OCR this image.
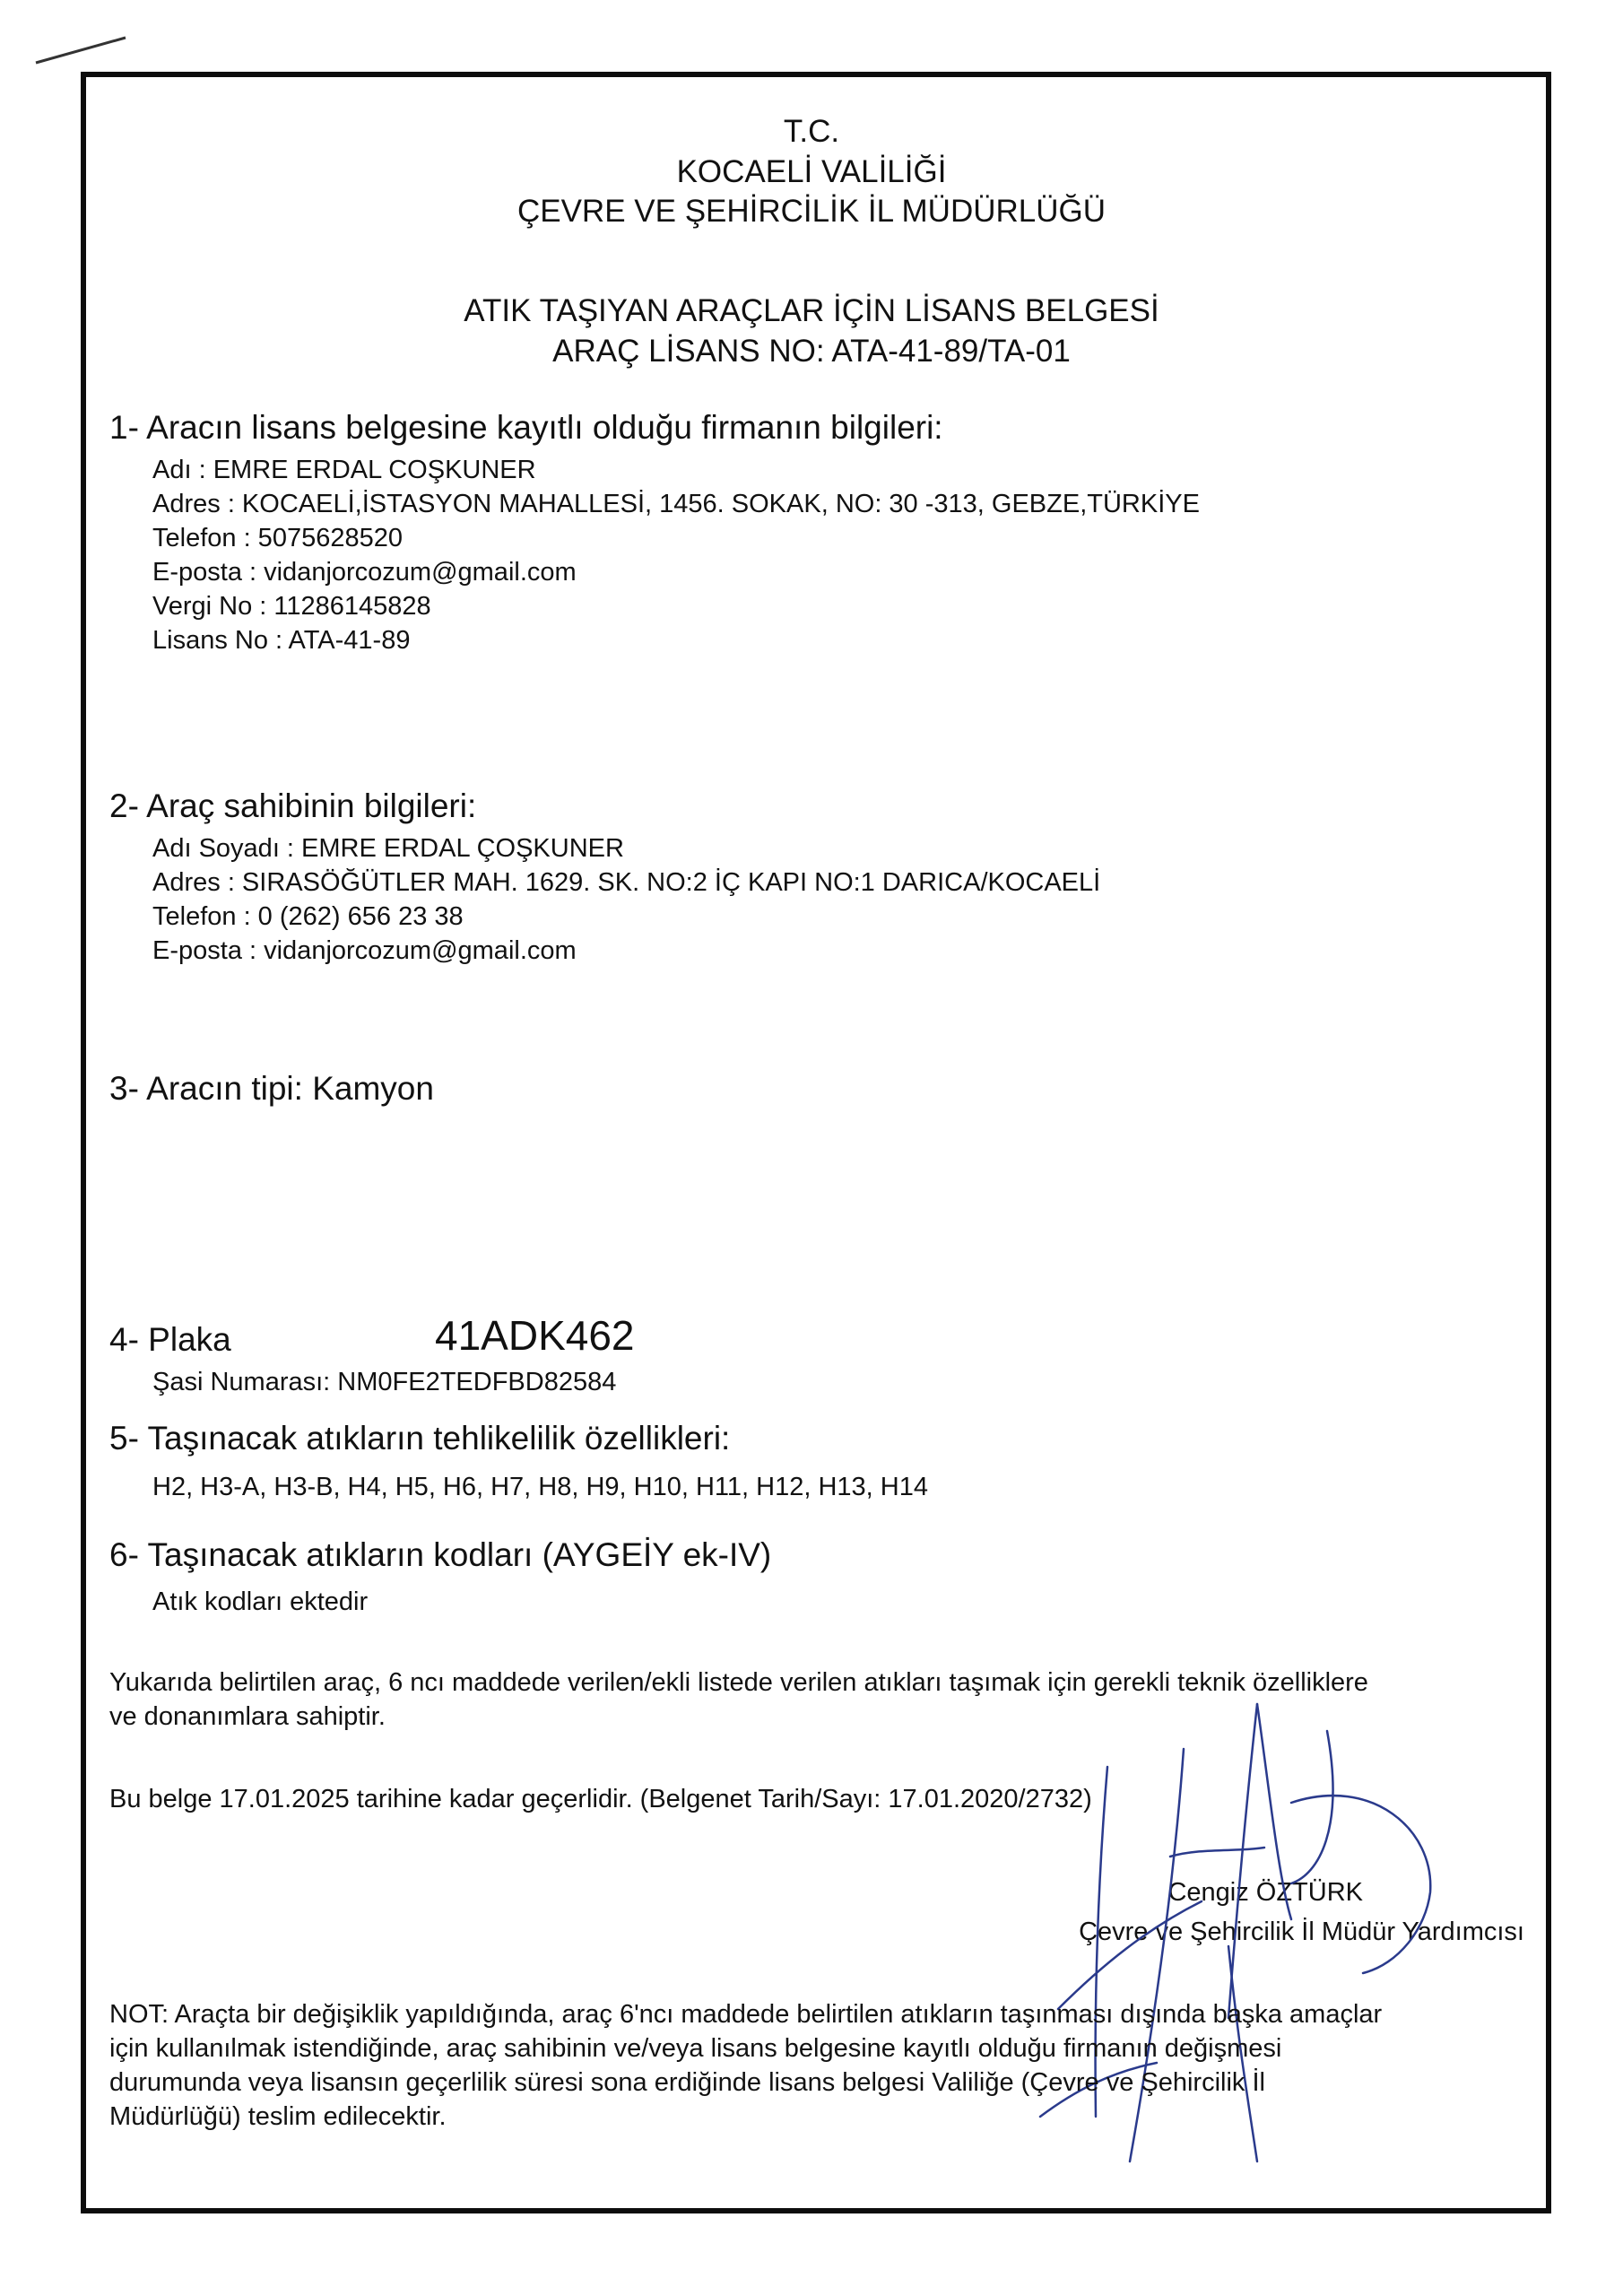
T.C.
KOCAELİ VALİLİĞİ
ÇEVRE VE ŞEHİRCİLİK İL MÜDÜRLÜĞÜ
ATIK TAŞIYAN ARAÇLAR İÇİN LİSANS BELGESİ
ARAÇ LİSANS NO: ATA-41-89/TA-01
1- Aracın lisans belgesine kayıtlı olduğu firmanın bilgileri:
Adı : EMRE ERDAL COŞKUNER
Adres : KOCAELİ,İSTASYON MAHALLESİ, 1456. SOKAK, NO: 30 -313, GEBZE,TÜRKİYE
Telefon : 5075628520
E-posta : vidanjorcozum@gmail.com
Vergi No : 11286145828
Lisans No : ATA-41-89
2- Araç sahibinin bilgileri:
Adı Soyadı : EMRE ERDAL ÇOŞKUNER
Adres : SIRASÖĞÜTLER MAH. 1629. SK. NO:2 İÇ KAPI NO:1 DARICA/KOCAELİ
Telefon : 0 (262) 656 23 38
E-posta : vidanjorcozum@gmail.com
3- Aracın tipi: Kamyon
4- Plaka	41ADK462
Şasi Numarası: NM0FE2TEDFBD82584
5- Taşınacak atıkların tehlikelilik özellikleri:
H2, H3-A, H3-B, H4, H5, H6, H7, H8, H9, H10, H11, H12, H13, H14
6- Taşınacak atıkların kodları (AYGEİY ek-IV)
Atık kodları ektedir
Yukarıda belirtilen araç, 6 ncı maddede verilen/ekli listede verilen atıkları taşımak için gerekli teknik özelliklere
ve donanımlara sahiptir.
Bu belge 17.01.2025 tarihine kadar geçerlidir. (Belgenet Tarih/Sayı: 17.01.2020/2732)
Cengiz ÖZTÜRK
Çevre ve Şehircilik İl Müdür Yardımcısı
NOT: Araçta bir değişiklik yapıldığında, araç 6'ncı maddede belirtilen atıkların taşınması dışında başka amaçlar
için kullanılmak istendiğinde, araç sahibinin ve/veya lisans belgesine kayıtlı olduğu firmanın değişmesi
durumunda veya lisansın geçerlilik süresi sona erdiğinde lisans belgesi Valiliğe (Çevre ve Şehircilik İl
Müdürlüğü) teslim edilecektir.
